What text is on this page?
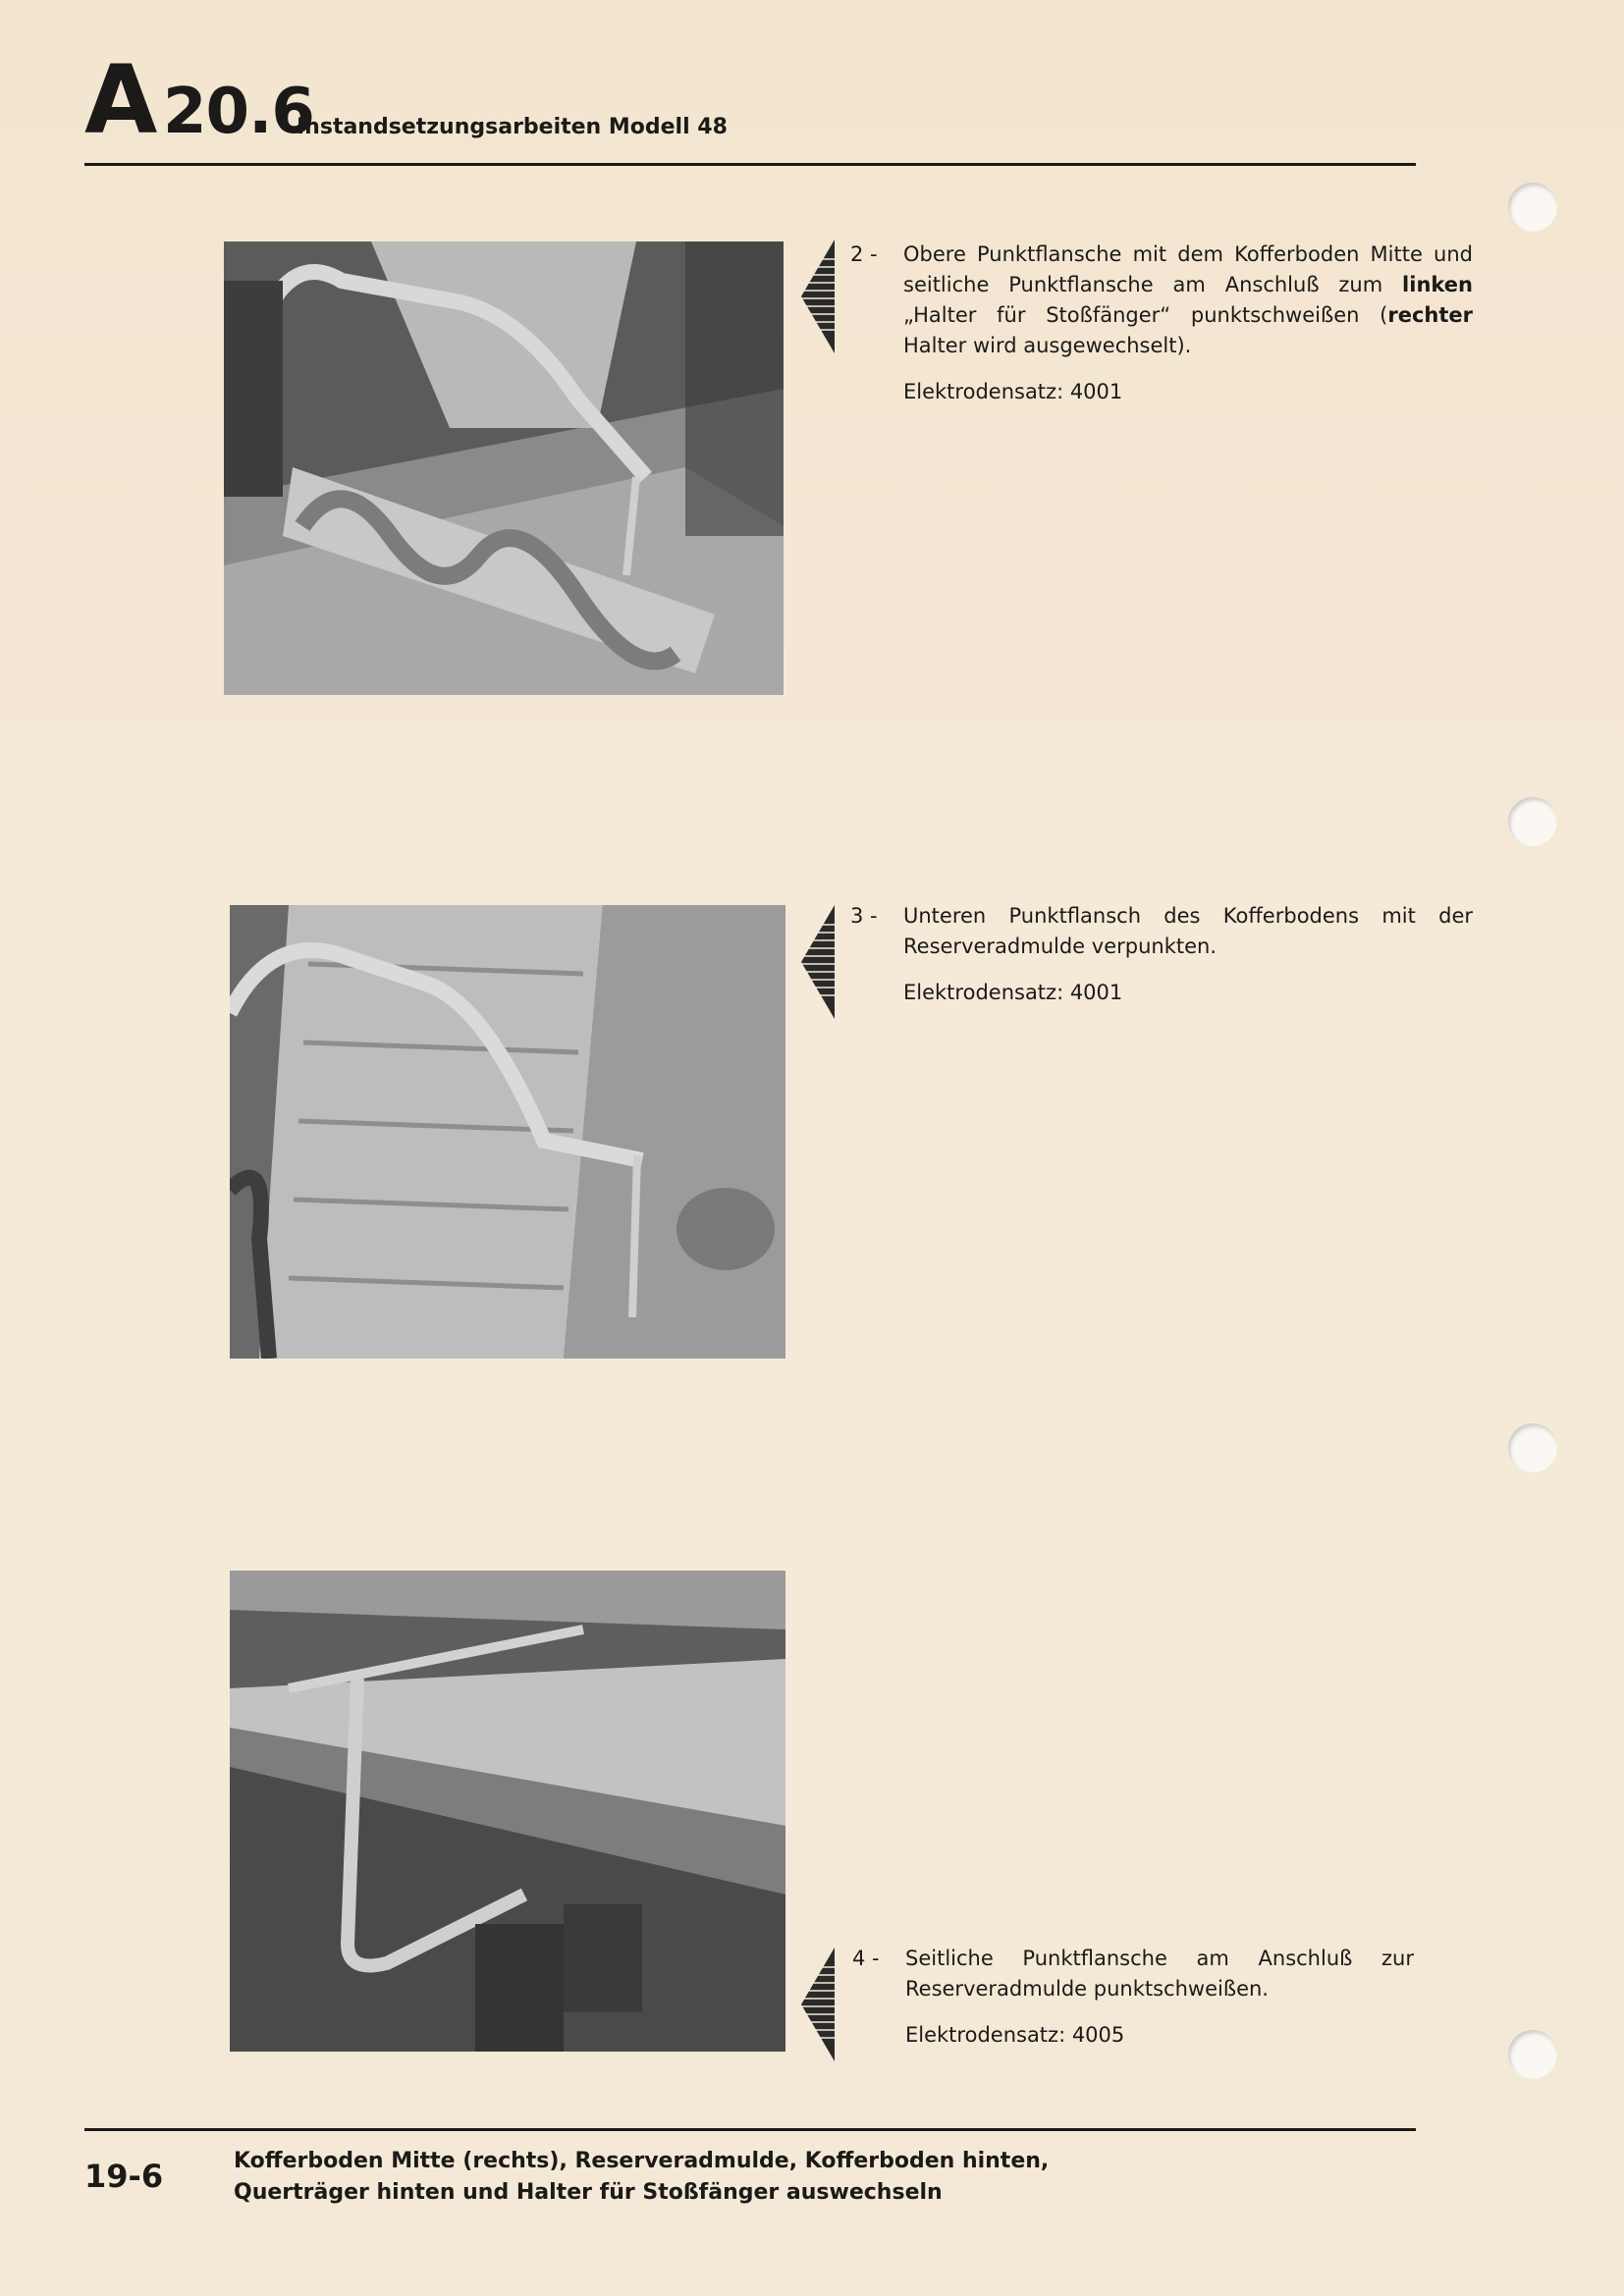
A 20.6
Instandsetzungsarbeiten Modell 48
2 - Obere Punktflansche mit dem Kofferboden Mitte und seitliche Punktflansche am Anschluß zum linken „Halter für Stoßfänger“ punktschweißen (rechter Halter wird ausgewechselt).
Elektrodensatz: 4001
3 - Unteren Punktflansch des Kofferbodens mit der Reserveradmulde verpunkten.
Elektrodensatz: 4001
4 - Seitliche Punktflansche am Anschluß zur Reserveradmulde punktschweißen.
Elektrodensatz: 4005
19-6	Kofferboden Mitte (rechts), Reserveradmulde, Kofferboden hinten,
Querträger hinten und Halter für Stoßfänger auswechseln
